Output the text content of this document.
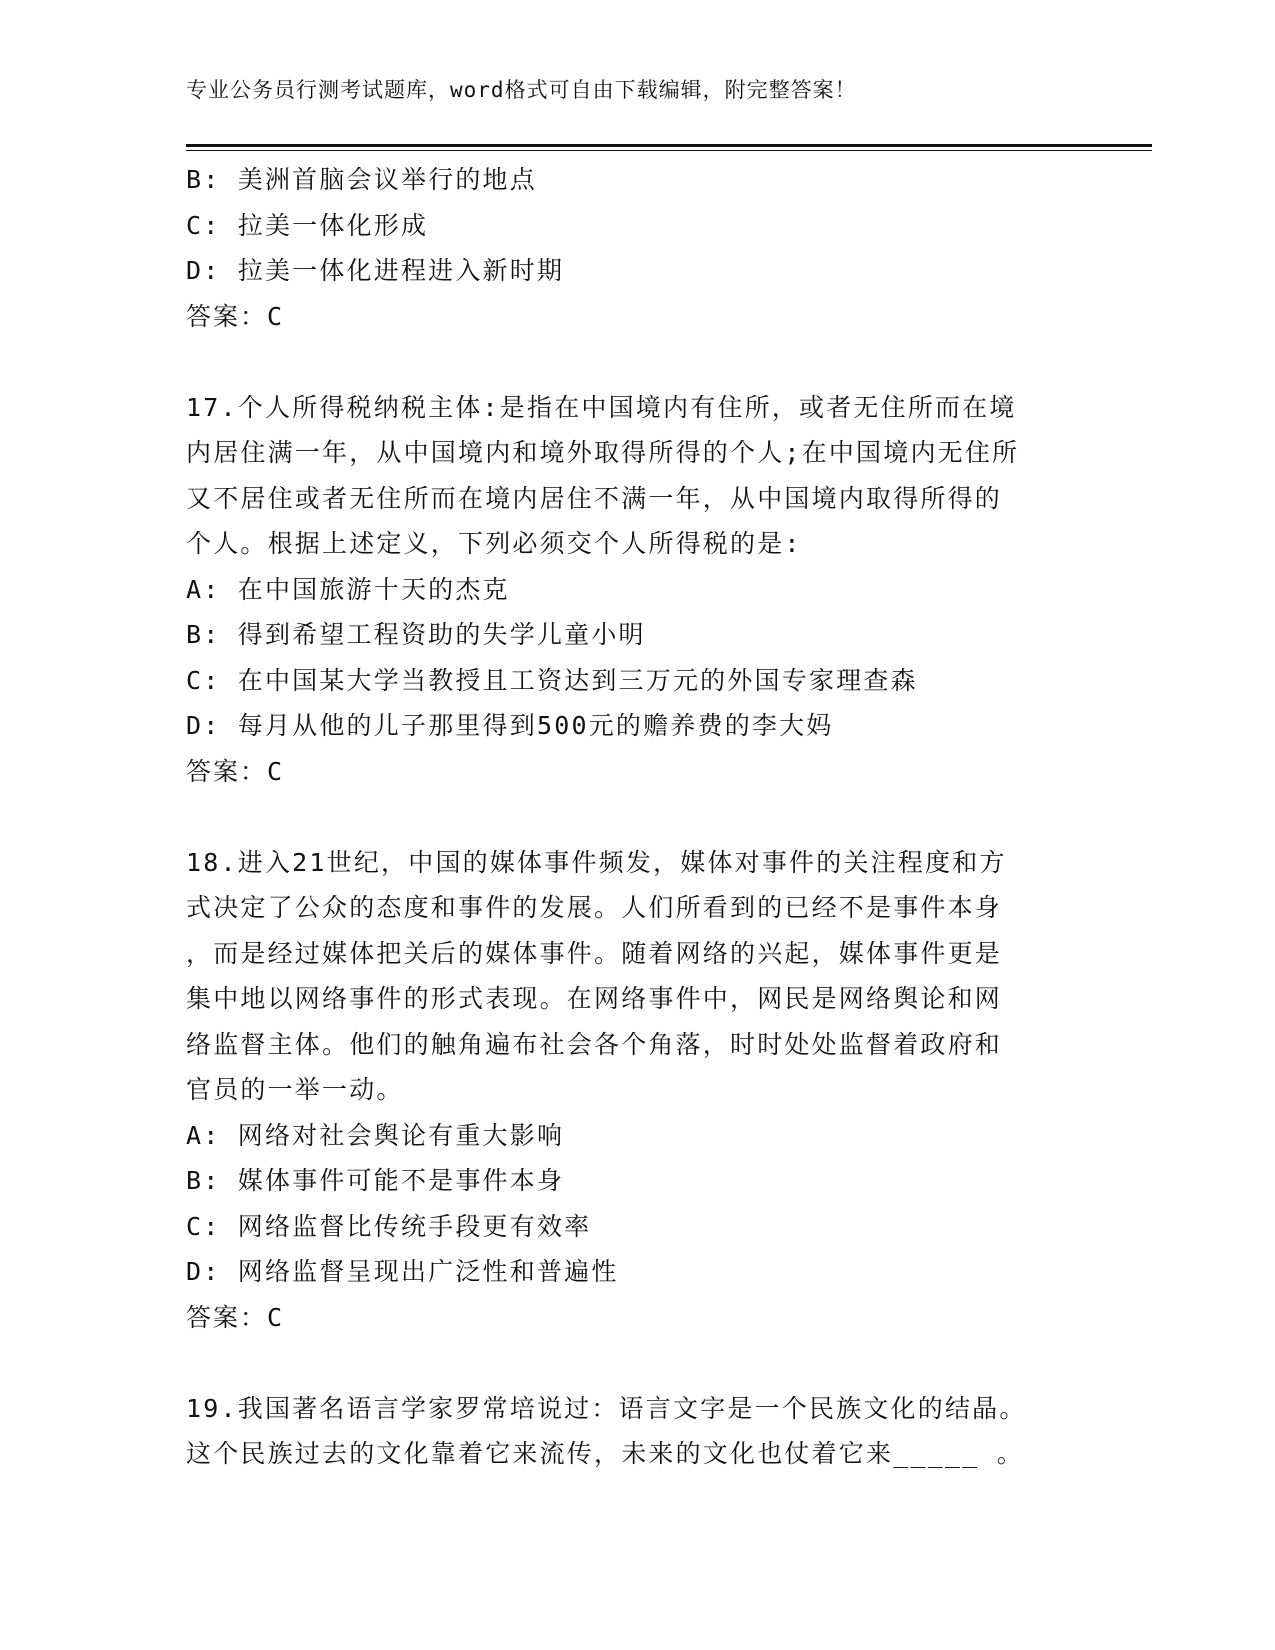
专业公务员行测考试题库，word格式可自由下载编辑，附完整答案！
B: 美洲首脑会议举行的地点
C: 拉美一体化形成
D: 拉美一体化进程进入新时期
答案：C
17.个人所得税纳税主体:是指在中国境内有住所，或者无住所而在境
内居住满一年，从中国境内和境外取得所得的个人;在中国境内无住所
又不居住或者无住所而在境内居住不满一年，从中国境内取得所得的
个人。根据上述定义，下列必须交个人所得税的是:
A: 在中国旅游十天的杰克
B: 得到希望工程资助的失学儿童小明
C: 在中国某大学当教授且工资达到三万元的外国专家理查森
D: 每月从他的儿子那里得到500元的赡养费的李大妈
答案：C
18.进入21世纪，中国的媒体事件频发，媒体对事件的关注程度和方
式决定了公众的态度和事件的发展。人们所看到的已经不是事件本身
，而是经过媒体把关后的媒体事件。随着网络的兴起，媒体事件更是
集中地以网络事件的形式表现。在网络事件中，网民是网络舆论和网
络监督主体。他们的触角遍布社会各个角落，时时处处监督着政府和
官员的一举一动。
A: 网络对社会舆论有重大影响
B: 媒体事件可能不是事件本身
C: 网络监督比传统手段更有效率
D: 网络监督呈现出广泛性和普遍性
答案：C
19.我国著名语言学家罗常培说过：语言文字是一个民族文化的结晶。
这个民族过去的文化靠着它来流传，未来的文化也仗着它来_____ 。
